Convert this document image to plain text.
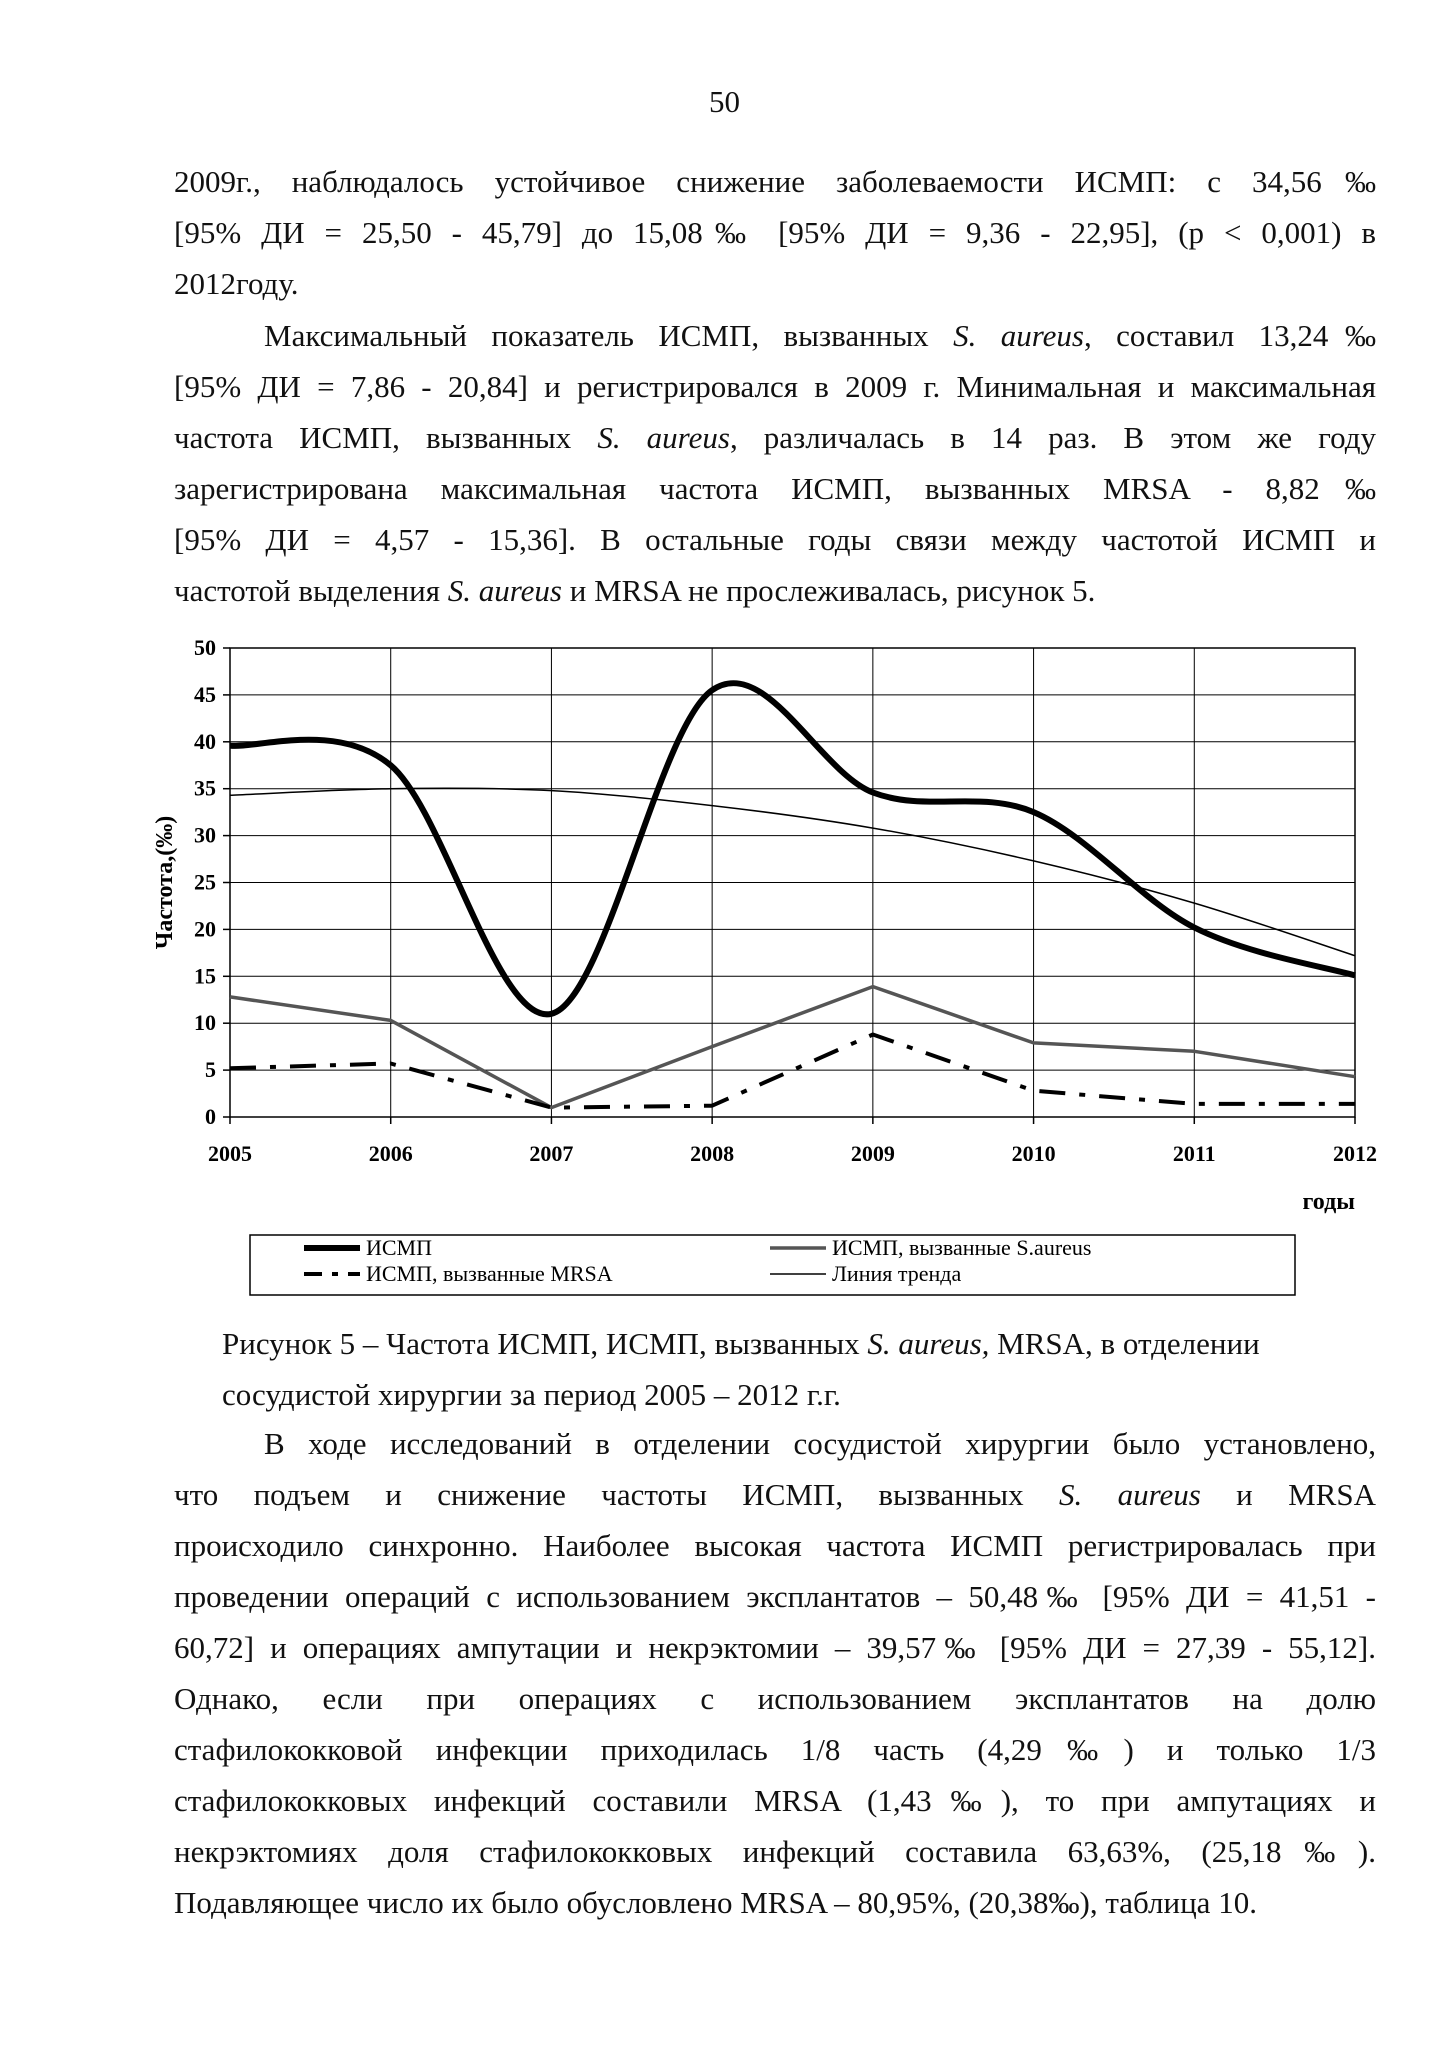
50
2009г., наблюдалось устойчивое снижение заболеваемости ИСМП: с 34,56‰
[95% ДИ = 25,50 - 45,79] до 15,08‰ [95% ДИ = 9,36 - 22,95], (р < 0,001) в
2012году.
Максимальный показатель ИСМП, вызванных S. aureus, составил 13,24‰
[95% ДИ = 7,86 - 20,84] и регистрировался в 2009 г. Минимальная и максимальная
частота ИСМП, вызванных S. aureus, различалась в 14 раз. В этом же году
зарегистрирована максимальная частота ИСМП, вызванных MRSA - 8,82‰
[95% ДИ = 4,57 - 15,36]. В остальные годы связи между частотой ИСМП и
частотой выделения S. aureus и MRSA не прослеживалась, рисунок 5.
0
5
10
15
20
25
30
35
40
45
50
2005	2006	2007	2008	2009	2010	2011	2012
годы
Частота,(‰)
ИСМП	ИСМП, вызванные S.aureus
ИСМП, вызванные MRSA	Линия тренда
Рисунок 5 – Частота ИСМП, ИСМП, вызванных S. aureus, MRSA, в отделении
сосудистой хирургии за период 2005 – 2012 г.г.
В ходе исследований в отделении сосудистой хирургии было установлено,
что подъем и снижение частоты ИСМП, вызванных S. aureus и MRSA
происходило синхронно. Наиболее высокая частота ИСМП регистрировалась при
проведении операций с использованием эксплантатов – 50,48‰ [95% ДИ = 41,51 -
60,72] и операциях ампутации и некрэктомии – 39,57‰ [95% ДИ = 27,39 - 55,12].
Однако, если при операциях с использованием эксплантатов на долю
стафилококковой инфекции приходилась 1/8 часть (4,29‰) и только 1/3
стафилококковых инфекций составили MRSA (1,43‰), то при ампутациях и
некрэктомиях доля стафилококковых инфекций составила 63,63%, (25,18‰).
Подавляющее число их было обусловлено MRSA – 80,95%, (20,38‰), таблица 10.
